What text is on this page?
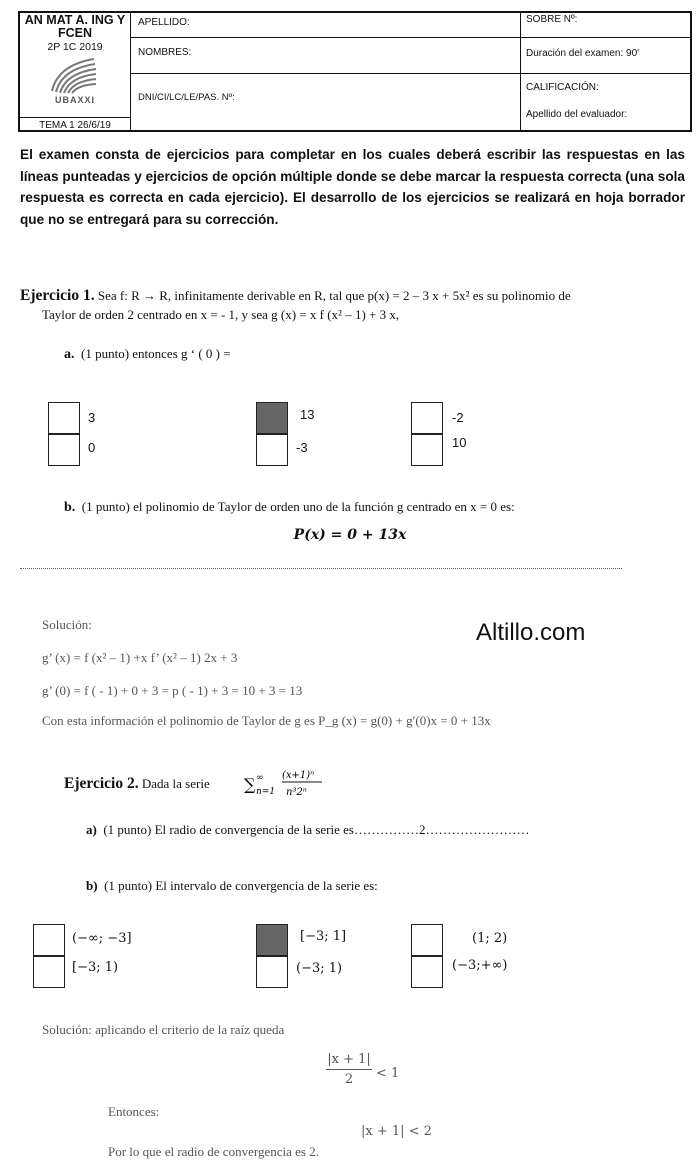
AN MAT A. ING Y FCEN
2P 1C 2019
UBAXXI
TEMA 1 26/6/19
APELLIDO:
NOMBRES:
DNI/CI/LC/LE/PAS. Nº:
SOBRE Nº:
Duración del examen: 90'
CALIFICACIÓN:
Apellido del evaluador:
El examen consta de ejercicios para completar en los cuales deberá escribir las respuestas en las líneas punteadas y ejercicios de opción múltiple donde se debe marcar la respuesta correcta (una sola respuesta es correcta en cada ejercicio). El desarrollo de los ejercicios se realizará en hoja borrador que no se entregará para su corrección.
Ejercicio 1. Sea f: R → R, infinitamente derivable en R, tal que p(x) = 2 – 3 x + 5x² es su polinomio de
Taylor de orden 2 centrado en x = - 1, y sea g (x) = x f (x² – 1) + 3 x,
a. (1 punto) entonces g ‘ ( 0 ) =
3
0
13
-3
-2
10
b. (1 punto) el polinomio de Taylor de orden uno de la función g centrado en x = 0 es:
P(x) = 0 + 13x
Solución:
g’ (x) = f (x² – 1) +x f’ (x² – 1) 2x + 3
g’ (0) = f ( - 1) + 0 + 3 = p ( - 1) + 3 = 10 + 3 = 13
Con esta información el polinomio de Taylor de g es P_g (x) = g(0) + g′(0)x = 0 + 13x
Altillo.com
Ejercicio 2. Dada la serie ∑ ∞
n=1
(x+1)ⁿ
n³2ⁿ
a) (1 punto) El radio de convergencia de la serie es……………2……………………
b) (1 punto) El intervalo de convergencia de la serie es:
(−∞; −3]
[−3; 1)
[−3; 1]
(−3; 1)
(1; 2)
(−3;+∞)
Solución: aplicando el criterio de la raíz queda
|x + 1|
2	< 1
Entonces:
|x + 1| < 2
Por lo que el radio de convergencia es 2.
